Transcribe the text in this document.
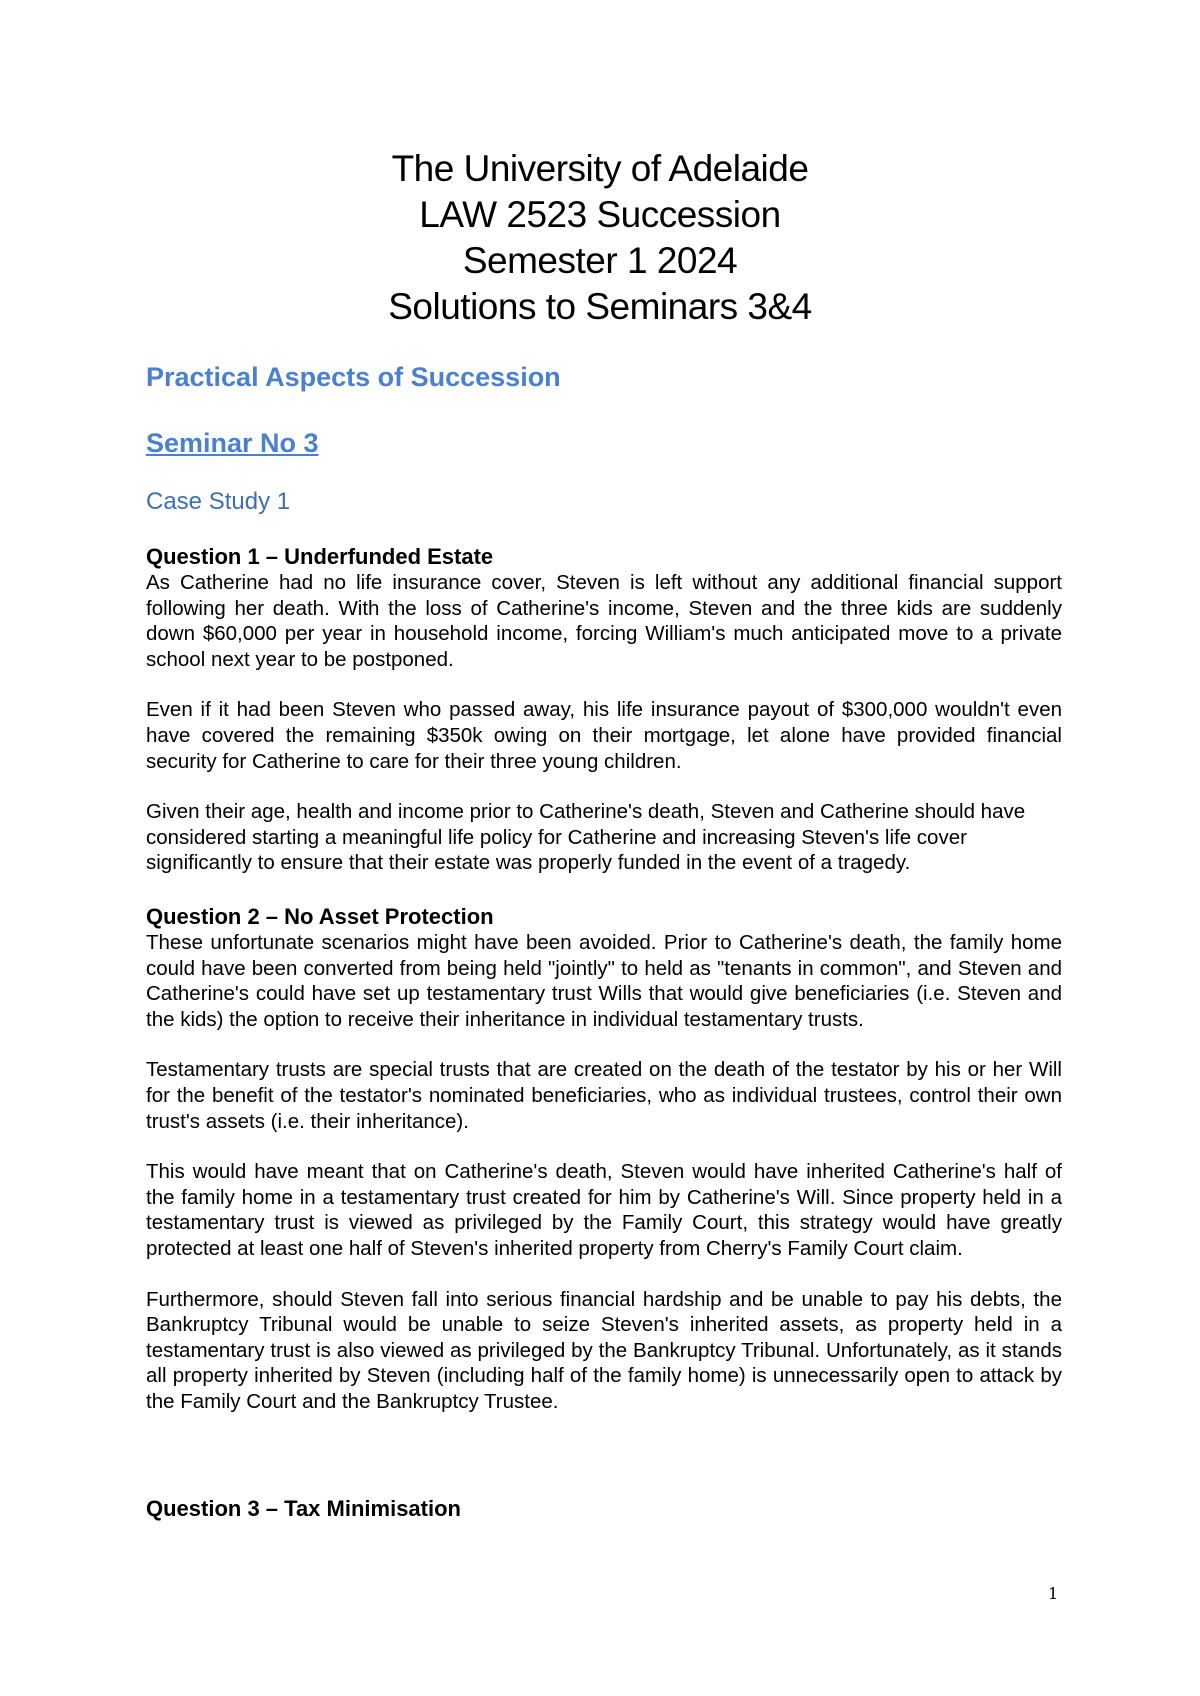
The University of Adelaide
LAW 2523 Succession
Semester 1 2024
Solutions to Seminars 3&4
Practical Aspects of Succession
Seminar No 3
Case Study 1

Question 1 – Underfunded Estate

As Catherine had no life insurance cover, Steven is left without any additional financial support following her death. With the loss of Catherine's income, Steven and the three kids are suddenly down $60,000 per year in household income, forcing William's much anticipated move to a private school next year to be postponed.

Even if it had been Steven who passed away, his life insurance payout of $300,000 wouldn't even have covered the remaining $350k owing on their mortgage, let alone have provided financial security for Catherine to care for their three young children.

Given their age, health and income prior to Catherine's death, Steven and Catherine should have considered starting a meaningful life policy for Catherine and increasing Steven's life cover significantly to ensure that their estate was properly funded in the event of a tragedy.

Question 2 – No Asset Protection

These unfortunate scenarios might have been avoided. Prior to Catherine's death, the family home could have been converted from being held "jointly" to held as "tenants in common", and Steven and Catherine's could have set up testamentary trust Wills that would give beneficiaries (i.e. Steven and the kids) the option to receive their inheritance in individual testamentary trusts.

Testamentary trusts are special trusts that are created on the death of the testator by his or her Will for the benefit of the testator's nominated beneficiaries, who as individual trustees, control their own trust's assets (i.e. their inheritance).

This would have meant that on Catherine's death, Steven would have inherited Catherine's half of the family home in a testamentary trust created for him by Catherine's Will. Since property held in a testamentary trust is viewed as privileged by the Family Court, this strategy would have greatly protected at least one half of Steven's inherited property from Cherry's Family Court claim.

Furthermore, should Steven fall into serious financial hardship and be unable to pay his debts, the Bankruptcy Tribunal would be unable to seize Steven's inherited assets, as property held in a testamentary trust is also viewed as privileged by the Bankruptcy Tribunal. Unfortunately, as it stands all property inherited by Steven (including half of the family home) is unnecessarily open to attack by the Family Court and the Bankruptcy Trustee.

Question 3 – Tax Minimisation

1
